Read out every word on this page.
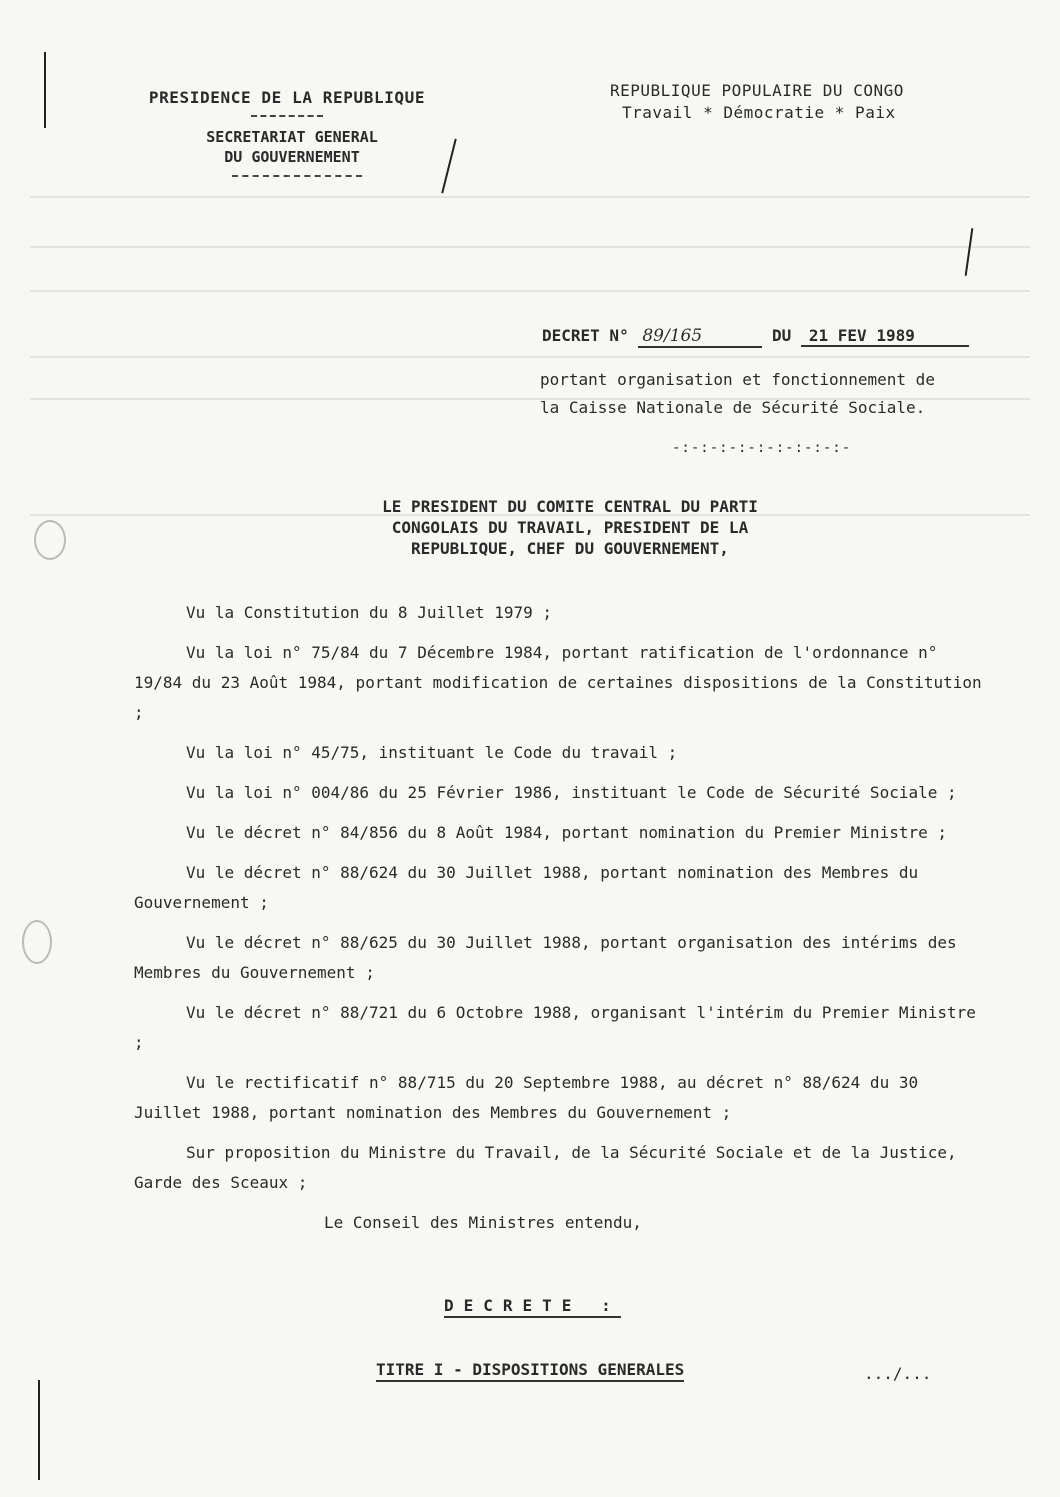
PRESIDENCE DE LA REPUBLIQUE
SECRETARIAT GENERAL
DU GOUVERNEMENT
REPUBLIQUE POPULAIRE DU CONGO
Travail * Démocratie * Paix
DECRET N° 89/165	DU 21 FEV 1989
portant organisation et fonctionnement de
la Caisse Nationale de Sécurité Sociale.
-:-:-:-:-:-:-:-:-:-
LE PRESIDENT DU COMITE CENTRAL DU PARTI
CONGOLAIS DU TRAVAIL, PRESIDENT DE LA
REPUBLIQUE, CHEF DU GOUVERNEMENT,

Vu la Constitution du 8 Juillet 1979 ;

Vu la loi n° 75/84 du 7 Décembre 1984, portant ratification de l'ordonnance n° 19/84 du 23 Août 1984, portant modification de certaines dispositions de la Constitution ;

Vu la loi n° 45/75, instituant le Code du travail ;

Vu la loi n° 004/86 du 25 Février 1986, instituant le Code de Sécurité Sociale ;

Vu le décret n° 84/856 du 8 Août 1984, portant nomination du Premier Ministre ;

Vu le décret n° 88/624 du 30 Juillet 1988, portant nomination des Membres du Gouvernement ;

Vu le décret n° 88/625 du 30 Juillet 1988, portant organisation des intérims des Membres du Gouvernement ;

Vu le décret n° 88/721 du 6 Octobre 1988, organisant l'intérim du Premier Ministre ;

Vu le rectificatif n° 88/715 du 20 Septembre 1988, au décret n° 88/624 du 30 Juillet 1988, portant nomination des Membres du Gouvernement ;

Sur proposition du Ministre du Travail, de la Sécurité Sociale et de la Justice, Garde des Sceaux ;

Le Conseil des Ministres entendu,

DECRETE :
TITRE I - DISPOSITIONS GENERALES	.../...
